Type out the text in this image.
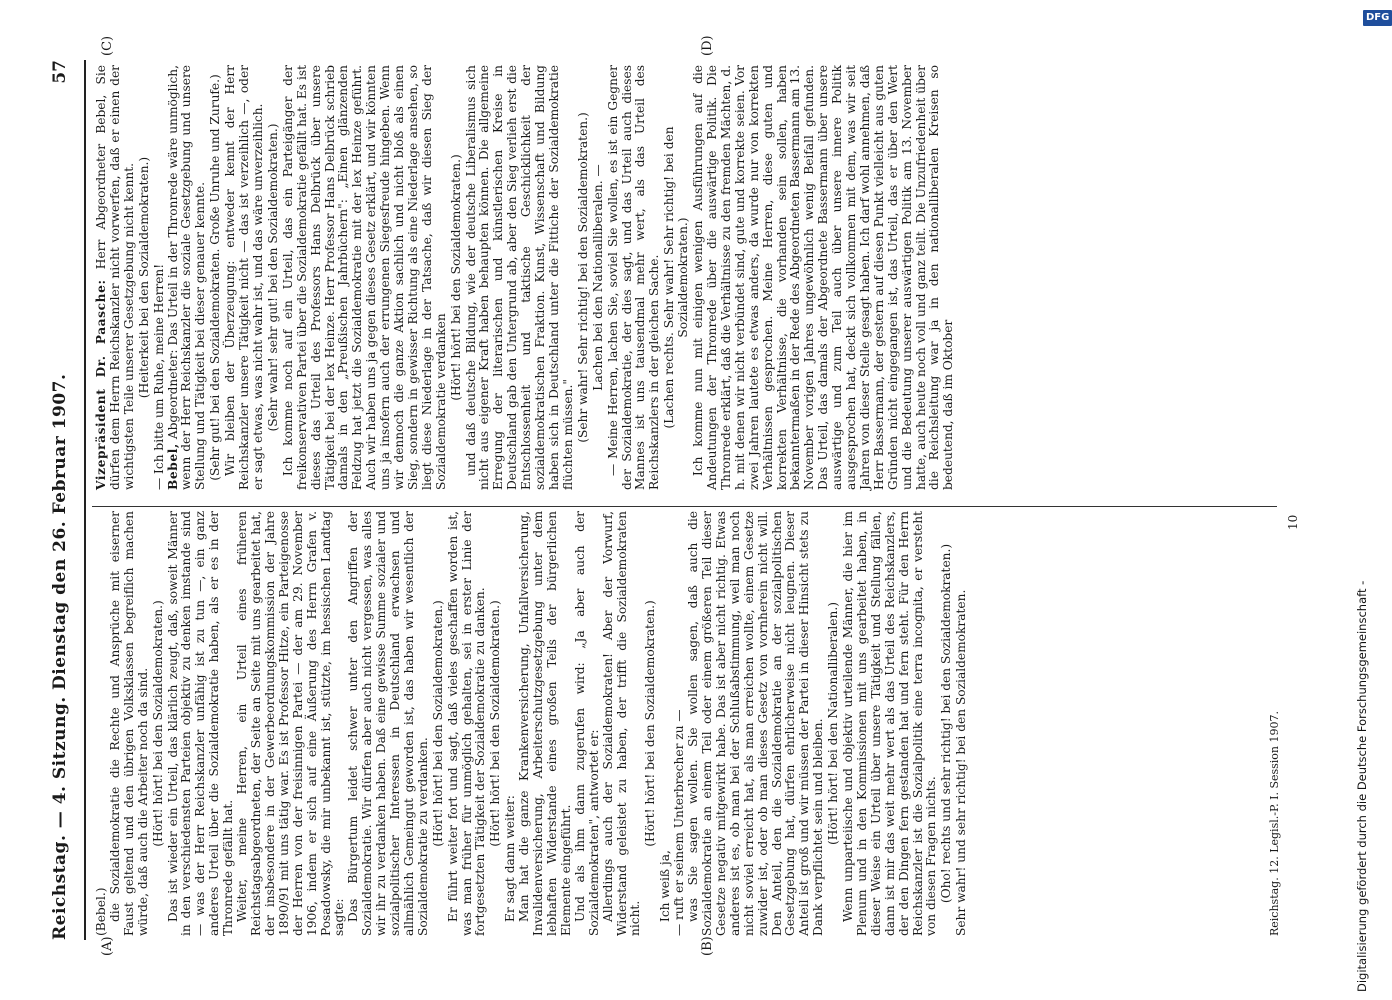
Reichstag. — 4. Sitzung. Dienstag den 26. Februar 1907.
57
(A)	(B)
(C)	(D)

(Bebel.) die Sozialdemokratie die Rechte und Ansprüche mit eiserner Faust geltend und den übrigen Volksklassen begreiflich machen würde, daß auch die Arbeiter noch da sind. (Hört! hört! bei den Sozialdemokraten.) Das ist wieder ein Urteil, das klärlich zeugt, daß, soweit Männer in den verschiedensten Parteien objektiv zu denken imstande sind — was der Herr Reichskanzler unfähig ist zu tun —, ein ganz anderes Urteil über die Sozialdemokratie haben, als er es in der Thronrede gefällt hat. Weiter, meine Herren, ein Urteil eines früheren Reichstagsabgeordneten, der Seite an Seite mit uns gearbeitet hat, der insbesondere in der Gewerbeordnungskommission der Jahre 1890/91 mit uns tätig war. Es ist Professor Hitze, ein Parteigenosse der Herren von der freisinnigen Partei — der am 29. November 1906, indem er sich auf eine Äußerung des Herrn Grafen v. Posadowsky, die mir unbekannt ist, stützte, im hessischen Landtag sagte: Das Bürgertum leidet schwer unter den Angriffen der Sozialdemokratie. Wir dürfen aber auch nicht vergessen, was alles wir ihr zu verdanken haben. Daß eine gewisse Summe sozialer und sozialpolitischer Interessen in Deutschland erwachsen und allmählich Gemeingut geworden ist, das haben wir wesentlich der Sozialdemokratie zu verdanken. (Hört! hört! bei den Sozialdemokraten.) Er führt weiter fort und sagt, daß vieles geschaffen worden ist, was man früher für unmöglich gehalten, sei in erster Linie der fortgesetzten Tätigkeit der Sozialdemokratie zu danken. (Hört! hört! bei den Sozialdemokraten.)

Er sagt dann weiter: Man hat die ganze Krankenversicherung, Unfallversicherung, Invalidenversicherung, Arbeiterschutzgesetzgebung unter dem lebhaften Widerstande eines großen Teils der bürgerlichen Elemente eingeführt. Und als ihm dann zugerufen wird: „Ja aber auch der Sozialdemokraten", antwortet er: Allerdings auch der Sozialdemokraten! Aber der Vorwurf, Widerstand geleistet zu haben, der trifft die Sozialdemokraten nicht.

(Hört! hört! bei den Sozialdemokraten.)

Ich weiß ja, — ruft er seinem Unterbrecher zu — was Sie sagen wollen. Sie wollen sagen, daß auch die Sozialdemokratie an einem Teil oder einem größeren Teil dieser Gesetze negativ mitgewirkt habe. Das ist aber nicht richtig. Etwas anderes ist es, ob man bei der Schlußabstimmung, weil man noch nicht soviel erreicht hat, als man erreichen wollte, einem Gesetze zuwider ist, oder ob man dieses Gesetz von vornherein nicht will. Den Anteil, den die Sozialdemokratie an der sozialpolitischen Gesetzgebung hat, dürfen ehrlicherweise nicht leugnen. Dieser Anteil ist groß und wir müssen der Partei in dieser Hinsicht stets zu Dank verpflichtet sein und bleiben. (Hört! hört! bei den Nationalliberalen.) Wenn unparteiische und objektiv urteilende Männer, die hier im Plenum und in den Kommissionen mit uns gearbeitet haben, in dieser Weise ein Urteil über unsere Tätigkeit und Stellung fällen, dann ist mir das weit mehr wert als das Urteil des Reichskanzlers, der den Dingen fern gestanden hat und fern steht. Für den Herrn Reichskanzler ist die Sozialpolitik eine terra incognita, er versteht von diesen Fragen nichts. (Oho! rechts und sehr richtig! bei den Sozialdemokraten.) Sehr wahr! und sehr richtig! bei den Sozialdemokraten.

Vizepräsident Dr. Paasche: Herr Abgeordneter Bebel, Sie dürfen dem Herrn Reichskanzler nicht vorwerfen, daß er einen der wichtigsten Teile unserer Gesetzgebung nicht kennt. (Heiterkeit bei den Sozialdemokraten.) — Ich bitte um Ruhe, meine Herren! Bebel, Abgeordneter: Das Urteil in der Thronrede wäre unmöglich, wenn der Herr Reichskanzler die soziale Gesetzgebung und unsere Stellung und Tätigkeit bei dieser genauer kennte. (Sehr gut! bei den Sozialdemokraten. Große Unruhe und Zurufe.) Wir bleiben der Überzeugung: entweder kennt der Herr Reichskanzler unsere Tätigkeit nicht — das ist verzeihlich —, oder er sagt etwas, was nicht wahr ist, und das wäre unverzeihlich. (Sehr wahr! sehr gut! bei den Sozialdemokraten.) Ich komme noch auf ein Urteil, das ein Parteigänger der freikonservativen Partei über die Sozialdemokratie gefällt hat. Es ist dieses das Urteil des Professors Hans Delbrück über unsere Tätigkeit bei der lex Heinze. Herr Professor Hans Delbrück schrieb damals in den „Preußischen Jahrbüchern": „Einen glänzenden Feldzug hat jetzt die Sozialdemokratie mit der lex Heinze geführt. Auch wir haben uns ja gegen dieses Gesetz erklärt, und wir könnten uns ja insofern auch der errungenen Siegesfreude hingeben. Wenn wir dennoch die ganze Aktion sachlich und nicht bloß als einen Sieg, sondern in gewisser Richtung als eine Niederlage ansehen, so liegt diese Niederlage in der Tatsache, daß wir diesen Sieg der Sozialdemokratie verdanken

(Hört! hört! bei den Sozialdemokraten.) und daß deutsche Bildung, wie der deutsche Liberalismus sich nicht aus eigener Kraft haben behaupten können. Die allgemeine Erregung der literarischen und künstlerischen Kreise in Deutschland gab den Untergrund ab, aber den Sieg verlieh erst die Entschlossenheit und taktische Geschicklichkeit der sozialdemokratischen Fraktion. Kunst, Wissenschaft und Bildung haben sich in Deutschland unter die Fittiche der Sozialdemokratie flüchten müssen." (Sehr wahr! Sehr richtig! bei den Sozialdemokraten.) Lachen bei den Nationalliberalen. — — Meine Herren, lachen Sie, soviel Sie wollen, es ist ein Gegner der Sozialdemokratie, der dies sagt, und das Urteil auch dieses Mannes ist uns tausendmal mehr wert, als das Urteil des Reichskanzlers in der gleichen Sache. (Lachen rechts. Sehr wahr! Sehr richtig! bei den Sozialdemokraten.) Ich komme nun mit einigen wenigen Ausführungen auf die Andeutungen der Thronrede über die auswärtige Politik. Die Thronrede erklärt, daß die Verhältnisse zu den fremden Mächten, d. h. mit denen wir nicht verbündet sind, gute und korrekte seien. Vor zwei Jahren lautete es etwas anders, da wurde nur von korrekten Verhältnissen gesprochen. Meine Herren, diese guten und korrekten Verhältnisse, die vorhanden sein sollen, haben bekanntermaßen in der Rede des Abgeordneten Bassermann am 13. November vorigen Jahres ungewöhnlich wenig Beifall gefunden. Das Urteil, das damals der Abgeordnete Bassermann über unsere auswärtige und zum Teil auch über unsere innere Politik ausgesprochen hat, deckt sich vollkommen mit dem, was wir seit Jahren von dieser Stelle gesagt haben. Ich darf wohl annehmen, daß Herr Bassermann, der gestern auf diesen Punkt vielleicht aus guten Gründen nicht eingegangen ist, das Urteil, das er über den Wert und die Bedeutung unserer auswärtigen Politik am 13. November hatte, auch heute noch voll und ganz teilt. Die Unzufriedenheit über die Reichsleitung war ja in den nationalliberalen Kreisen so bedeutend, daß im Oktober

Reichstag. 12. Legisl.-P. I. Session 1907.
10
Digitalisierung gefördert durch die Deutsche Forschungsgemeinschaft -
DFG
